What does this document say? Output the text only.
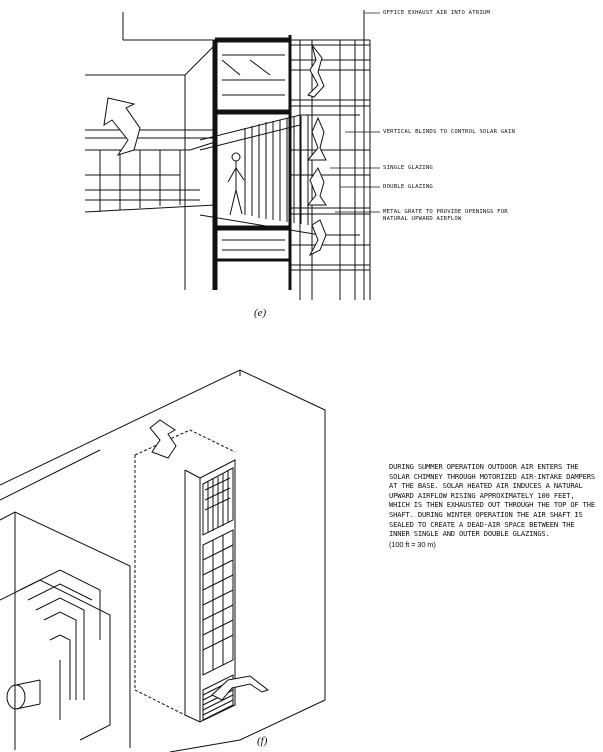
OFFICE EXHAUST AIR INTO ATRIUM
VERTICAL BLINDS TO CONTROL SOLAR GAIN
SINGLE GLAZING
DOUBLE GLAZING
METAL GRATE TO PROVIDE OPENINGS FOR
NATURAL UPWARD AIRFLOW
(e)

DURING SUMMER OPERATION OUTDOOR AIR ENTERS THE SOLAR CHIMNEY THROUGH MOTORIZED AIR-INTAKE DAMPERS AT THE BASE. SOLAR HEATED AIR INDUCES A NATURAL UPWARD AIRFLOW RISING APPROXIMATELY 100 FEET, WHICH IS THEN EXHAUSTED OUT THROUGH THE TOP OF THE SHAFT. DURING WINTER OPERATION THE AIR SHAFT IS SEALED TO CREATE A DEAD-AIR SPACE BETWEEN THE INNER SINGLE AND OUTER DOUBLE GLAZINGS.

(100 ft = 30 m)

(f)
